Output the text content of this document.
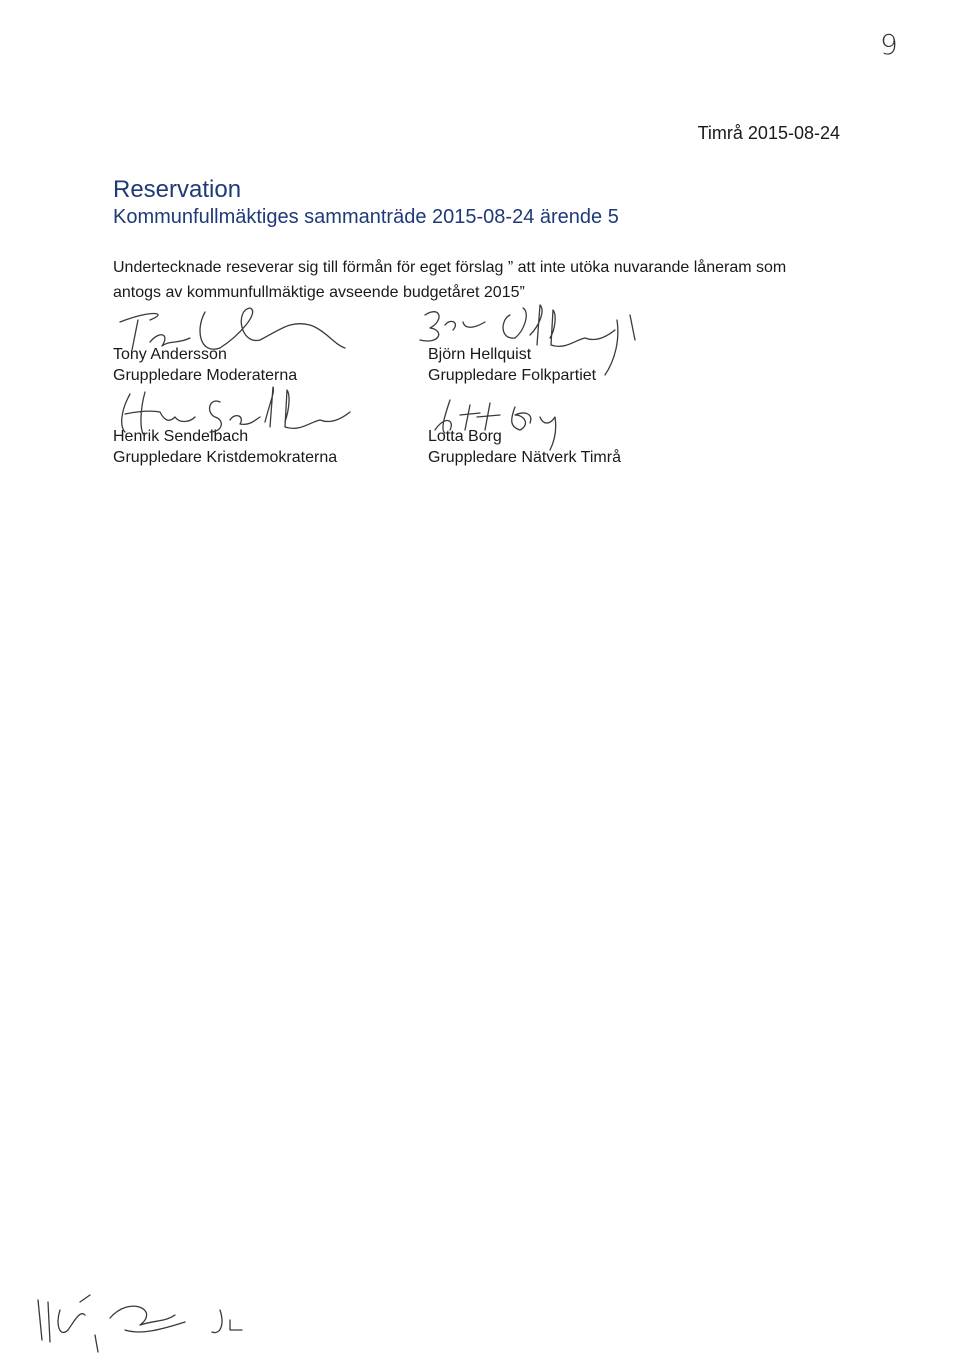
9
Timrå 2015-08-24
Reservation
Kommunfullmäktiges sammanträde 2015-08-24 ärende 5

Undertecknade reseverar sig till förmån för eget förslag ” att inte utöka nuvarande låneram som antogs av kommunfullmäktige avseende budgetåret 2015”

Tony Andersson
Gruppledare Moderaterna
Björn Hellquist
Gruppledare Folkpartiet
Henrik Sendelbach
Gruppledare Kristdemokraterna
Lotta Borg
Gruppledare Nätverk Timrå
